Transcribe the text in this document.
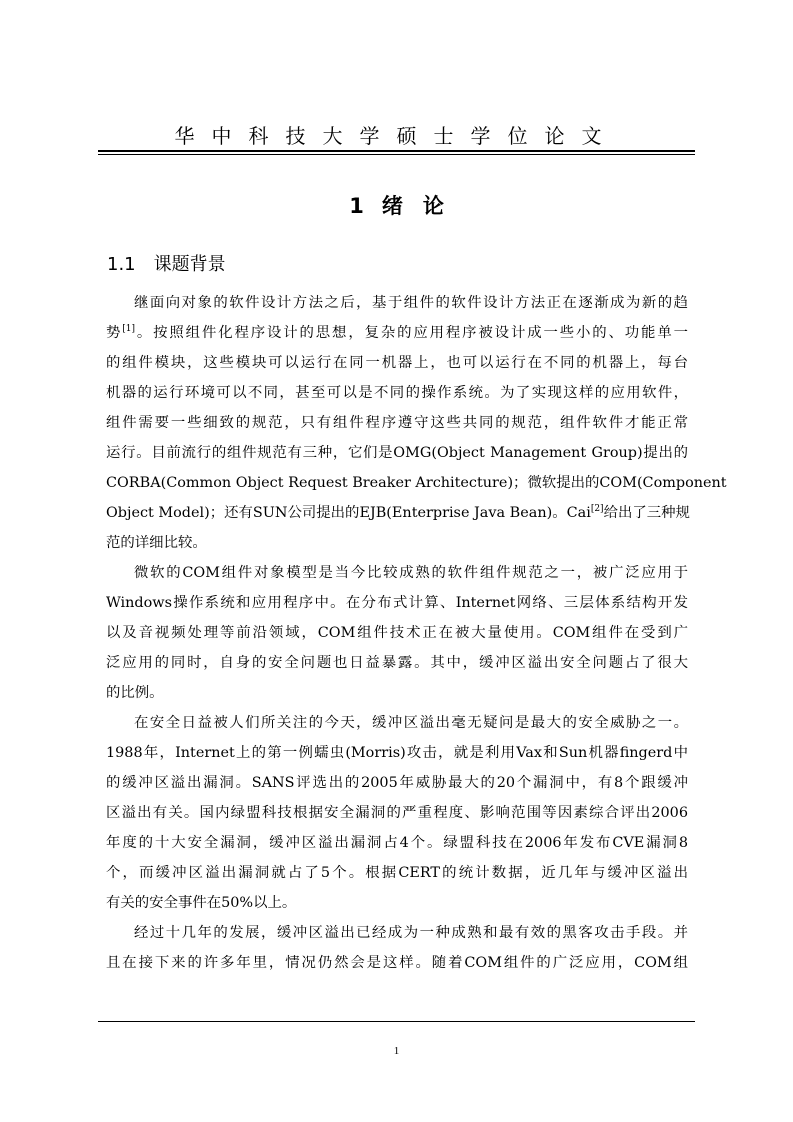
华中科技大学硕士学位论文
1 绪 论
1.1 课题背景
继面向对象的软件设计方法之后，基于组件的软件设计方法正在逐渐成为新的趋
势[1]。按照组件化程序设计的思想，复杂的应用程序被设计成一些小的、功能单一
的组件模块，这些模块可以运行在同一机器上，也可以运行在不同的机器上，每台
机器的运行环境可以不同，甚至可以是不同的操作系统。为了实现这样的应用软件，
组件需要一些细致的规范，只有组件程序遵守这些共同的规范，组件软件才能正常
运行。目前流行的组件规范有三种，它们是OMG(Object Management Group)提出的
CORBA(Common Object Request Breaker Architecture)；微软提出的COM(Component
Object Model)；还有SUN公司提出的EJB(Enterprise Java Bean)。Cai[2]给出了三种规
范的详细比较。
微软的COM组件对象模型是当今比较成熟的软件组件规范之一，被广泛应用于
Windows操作系统和应用程序中。在分布式计算、Internet网络、三层体系结构开发
以及音视频处理等前沿领域，COM组件技术正在被大量使用。COM组件在受到广
泛应用的同时，自身的安全问题也日益暴露。其中，缓冲区溢出安全问题占了很大
的比例。
在安全日益被人们所关注的今天，缓冲区溢出毫无疑问是最大的安全威胁之一。
1988年，Internet上的第一例蠕虫(Morris)攻击，就是利用Vax和Sun机器fingerd中
的缓冲区溢出漏洞。SANS评选出的2005年威胁最大的20个漏洞中，有8个跟缓冲
区溢出有关。国内绿盟科技根据安全漏洞的严重程度、影响范围等因素综合评出2006
年度的十大安全漏洞，缓冲区溢出漏洞占4个。绿盟科技在2006年发布CVE漏洞8
个，而缓冲区溢出漏洞就占了5个。根据CERT的统计数据，近几年与缓冲区溢出
有关的安全事件在50%以上。
经过十几年的发展，缓冲区溢出已经成为一种成熟和最有效的黑客攻击手段。并
且在接下来的许多年里，情况仍然会是这样。随着COM组件的广泛应用，COM组
1
